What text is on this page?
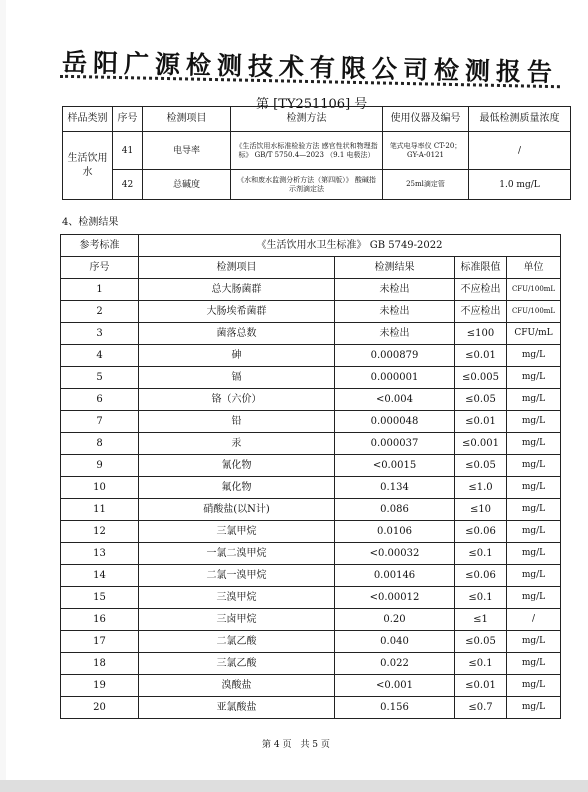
岳阳广源检测技术有限公司检测报告
第 [TY251106] 号
样品类别	序号	检测项目	检测方法	使用仪器及编号	最低检测质量浓度
生活饮用水	41	电导率	《生活饮用水标准检验方法 感官性状和物理指标》 GB/T 5750.4—2023 （9.1 电极法）	笔式电导率仪 CT-20； GY-A-0121	/
	42	总碱度	《水和废水监测分析方法（第四版）》 酸碱指示剂滴定法	25ml滴定管	1.0 mg/L
4、检测结果
参考标准	《生活饮用水卫生标准》 GB 5749-2022			
序号	检测项目	检测结果	标准限值	单位
1	总大肠菌群	未检出	不应检出	CFU/100mL
2	大肠埃希菌群	未检出	不应检出	CFU/100mL
3	菌落总数	未检出	≤100	CFU/mL
4	砷	0.000879	≤0.01	mg/L
5	镉	0.000001	≤0.005	mg/L
6	铬（六价）	<0.004	≤0.05	mg/L
7	铅	0.000048	≤0.01	mg/L
8	汞	0.000037	≤0.001	mg/L
9	氰化物	<0.0015	≤0.05	mg/L
10	氟化物	0.134	≤1.0	mg/L
11	硝酸盐(以N计)	0.086	≤10	mg/L
12	三氯甲烷	0.0106	≤0.06	mg/L
13	一氯二溴甲烷	<0.00032	≤0.1	mg/L
14	二氯一溴甲烷	0.00146	≤0.06	mg/L
15	三溴甲烷	<0.00012	≤0.1	mg/L
16	三卤甲烷	0.20	≤1	/
17	二氯乙酸	0.040	≤0.05	mg/L
18	三氯乙酸	0.022	≤0.1	mg/L
19	溴酸盐	<0.001	≤0.01	mg/L
20	亚氯酸盐	0.156	≤0.7	mg/L
第 4 页　共 5 页
